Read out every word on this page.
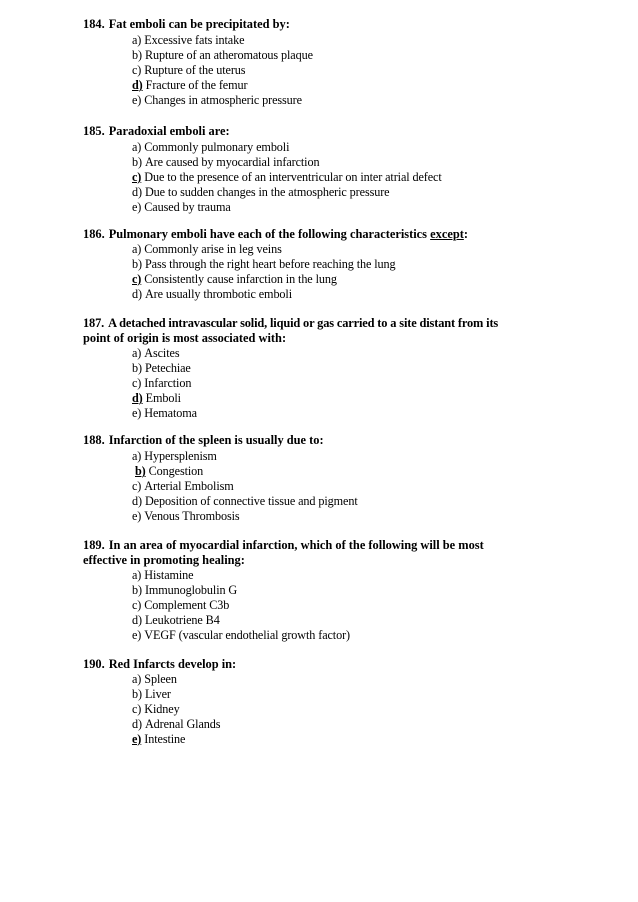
184. Fat emboli can be precipitated by:
a) Excessive fats intake
b) Rupture of an atheromatous plaque
c) Rupture of the uterus
d) Fracture of the femur
e) Changes in atmospheric pressure
185. Paradoxial emboli are:
a) Commonly pulmonary emboli
b) Are caused by myocardial infarction
c) Due to the presence of an interventricular on inter atrial defect
d) Due to sudden changes in the atmospheric pressure
e) Caused by trauma
186. Pulmonary emboli have each of the following characteristics except:
a) Commonly arise in leg veins
b) Pass through the right heart before reaching the lung
c) Consistently cause infarction in the lung
d) Are usually thrombotic emboli
187. A detached intravascular solid, liquid or gas carried to a site distant from its
point of origin is most associated with:
a) Ascites
b) Petechiae
c) Infarction
d) Emboli
e) Hematoma
188. Infarction of the spleen is usually due to:
a) Hypersplenism
b) Congestion
c) Arterial Embolism
d) Deposition of connective tissue and pigment
e) Venous Thrombosis
189. In an area of myocardial infarction, which of the following will be most
effective in promoting healing:
a) Histamine
b) Immunoglobulin G
c) Complement C3b
d) Leukotriene B4
e) VEGF (vascular endothelial growth factor)
190. Red Infarcts develop in:
a) Spleen
b) Liver
c) Kidney
d) Adrenal Glands
e) Intestine
